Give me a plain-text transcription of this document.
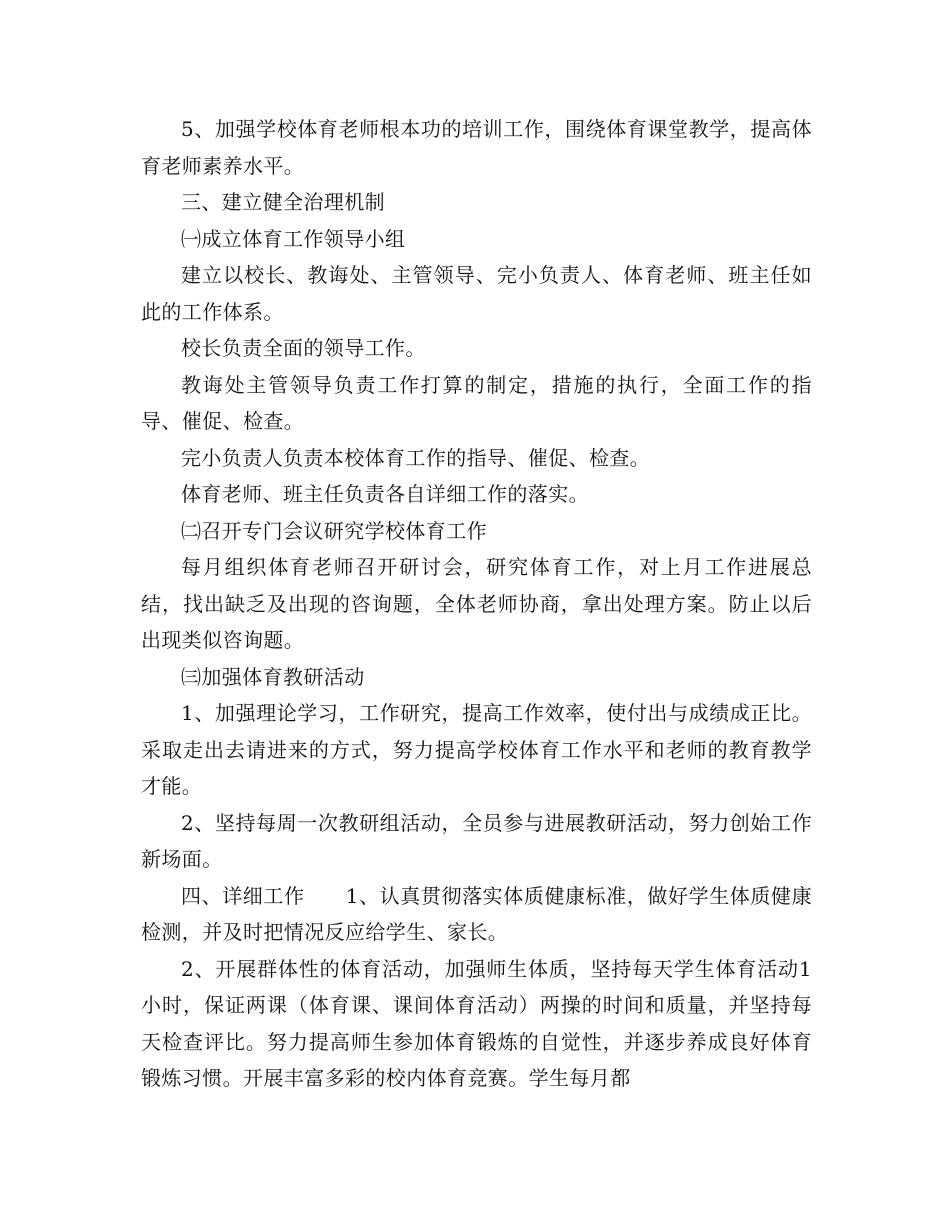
5、加强学校体育老师根本功的培训工作，围绕体育课堂教学，提高体育老师素养水平。

三、建立健全治理机制

㈠成立体育工作领导小组

建立以校长、教诲处、主管领导、完小负责人、体育老师、班主任如此的工作体系。

校长负责全面的领导工作。

教诲处主管领导负责工作打算的制定，措施的执行，全面工作的指导、催促、检查。

完小负责人负责本校体育工作的指导、催促、检查。

体育老师、班主任负责各自详细工作的落实。

㈡召开专门会议研究学校体育工作

每月组织体育老师召开研讨会，研究体育工作，对上月工作进展总结，找出缺乏及出现的咨询题，全体老师协商，拿出处理方案。防止以后出现类似咨询题。

㈢加强体育教研活动

1、加强理论学习，工作研究，提高工作效率，使付出与成绩成正比。采取走出去请进来的方式，努力提高学校体育工作水平和老师的教育教学才能。

2、坚持每周一次教研组活动，全员参与进展教研活动，努力创始工作新场面。

四、详细工作　　1、认真贯彻落实体质健康标准，做好学生体质健康检测，并及时把情况反应给学生、家长。

2、开展群体性的体育活动，加强师生体质，坚持每天学生体育活动1小时，保证两课（体育课、课间体育活动）两操的时间和质量，并坚持每天检查评比。努力提高师生参加体育锻炼的自觉性，并逐步养成良好体育锻炼习惯。开展丰富多彩的校内体育竞赛。学生每月都
